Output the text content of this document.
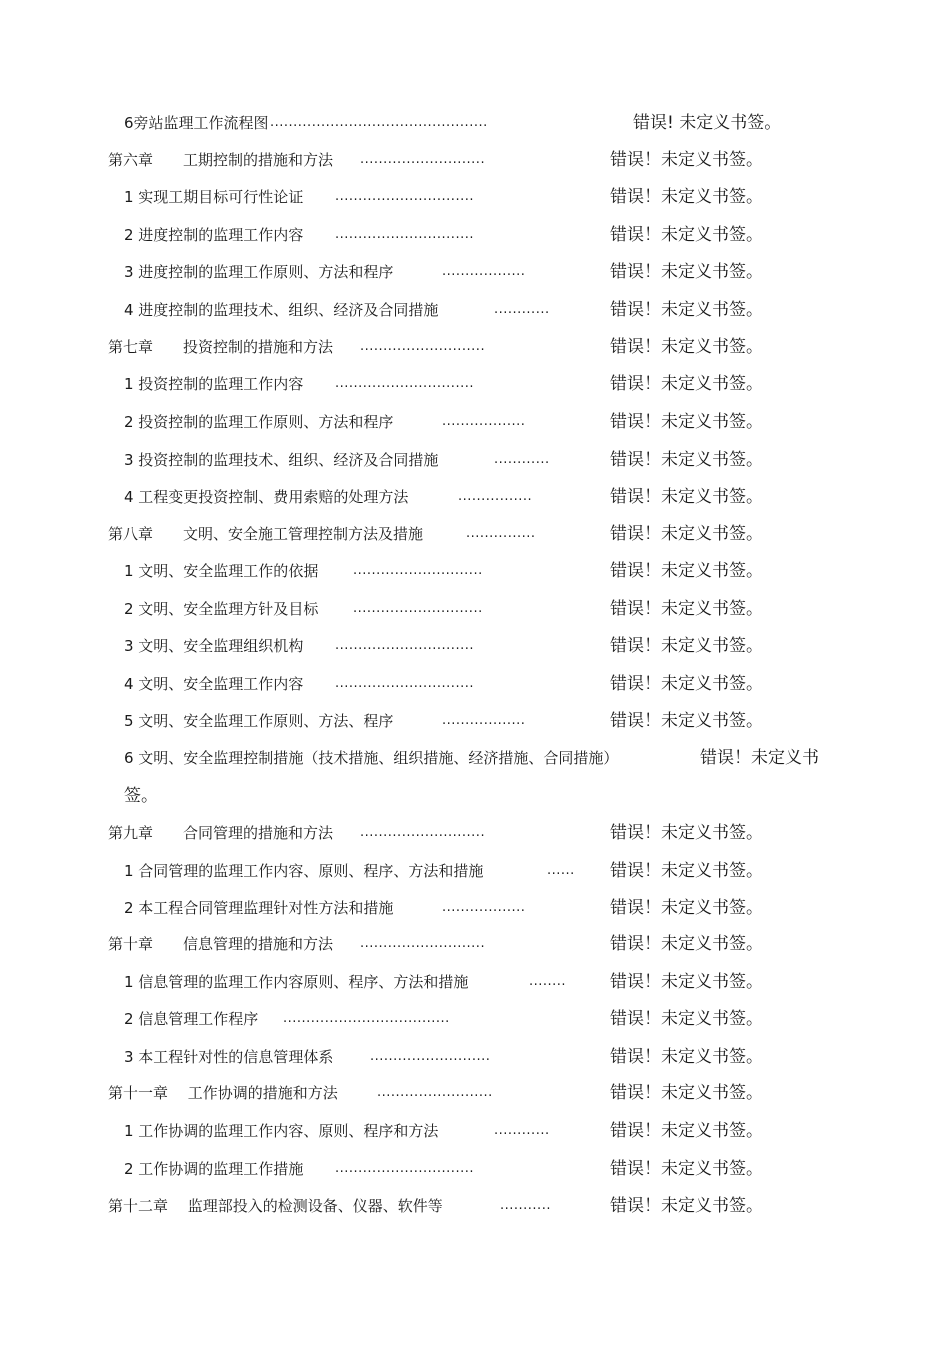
6旁站监理工作流程图 ...............................................	错误! 未定义书签。
第六章  工期控制的措施和方法 ...........................	错误！未定义书签。
1 实现工期目标可行性论证 ..............................	错误！未定义书签。
2 进度控制的监理工作内容 ..............................	错误！未定义书签。
3 进度控制的监理工作原则、方法和程序	..................	错误！未定义书签。
4 进度控制的监理技术、组织、经济及合同措施	............	错误！未定义书签。
第七章  投资控制的措施和方法 ...........................	错误！未定义书签。
1 投资控制的监理工作内容 ..............................	错误！未定义书签。
2 投资控制的监理工作原则、方法和程序	..................	错误！未定义书签。
3 投资控制的监理技术、组织、经济及合同措施	............	错误！未定义书签。
4 工程变更投资控制、费用索赔的处理方法	................	错误！未定义书签。
第八章  文明、安全施工管理控制方法及措施	...............	错误！未定义书签。
1 文明、安全监理工作的依据	............................	错误！未定义书签。
2 文明、安全监理方针及目标	............................	错误！未定义书签。
3 文明、安全监理组织机构 ..............................	错误！未定义书签。
4 文明、安全监理工作内容 ..............................	错误！未定义书签。
5 文明、安全监理工作原则、方法、程序	..................	错误！未定义书签。
6 文明、安全监理控制措施（技术措施、组织措施、经济措施、合同措施）	错误！未定义书
签。
第九章  合同管理的措施和方法 ...........................	错误！未定义书签。
1 合同管理的监理工作内容、原则、程序、方法和措施	...... 错误！未定义书签。
2 本工程合同管理监理针对性方法和措施	..................	错误！未定义书签。
第十章  信息管理的措施和方法 ...........................	错误！未定义书签。
1 信息管理的监理工作内容原则、程序、方法和措施	........	错误！未定义书签。
2 信息管理工作程序 ....................................	错误！未定义书签。
3 本工程针对性的信息管理体系	..........................	错误！未定义书签。
第十一章  工作协调的措施和方法	.........................	错误！未定义书签。
1 工作协调的监理工作内容、原则、程序和方法	............	错误！未定义书签。
2 工作协调的监理工作措施 ..............................	错误！未定义书签。
第十二章  监理部投入的检测设备、仪器、软件等	...........	错误！未定义书签。
